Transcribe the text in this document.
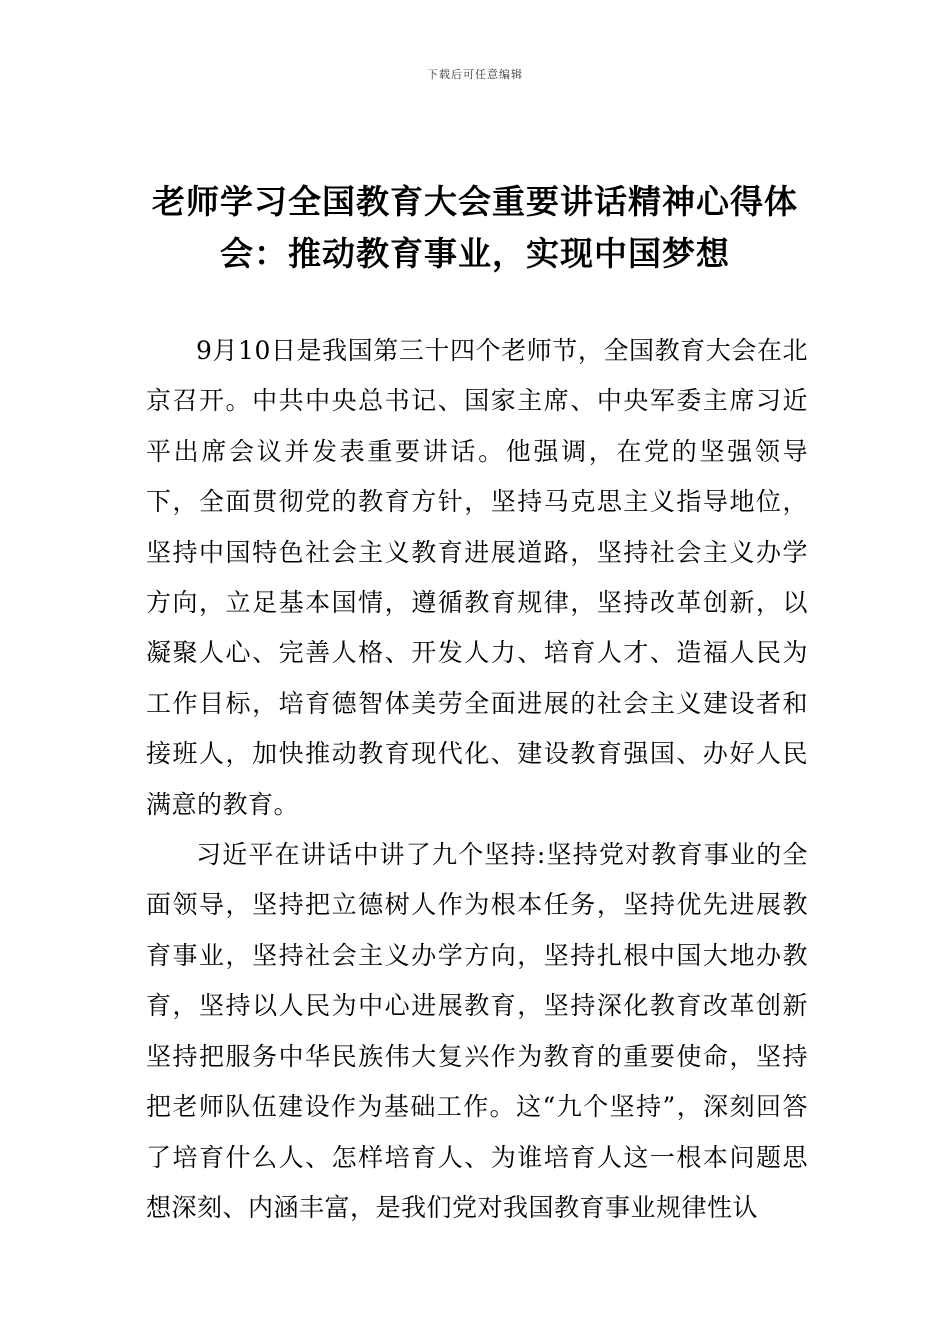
下载后可任意编辑
老师学习全国教育大会重要讲话精神心得体会：推动教育事业，实现中国梦想

9月10日是我国第三十四个老师节，全国教育大会在北京召开。中共中央总书记、国家主席、中央军委主席习近平出席会议并发表重要讲话。他强调，在党的坚强领导下，全面贯彻党的教育方针，坚持马克思主义指导地位，坚持中国特色社会主义教育进展道路，坚持社会主义办学方向，立足基本国情，遵循教育规律，坚持改革创新，以凝聚人心、完善人格、开发人力、培育人才、造福人民为工作目标，培育德智体美劳全面进展的社会主义建设者和接班人，加快推动教育现代化、建设教育强国、办好人民满意的教育。

习近平在讲话中讲了九个坚持:坚持党对教育事业的全面领导，坚持把立德树人作为根本任务，坚持优先进展教育事业，坚持社会主义办学方向，坚持扎根中国大地办教育，坚持以人民为中心进展教育，坚持深化教育改革创新坚持把服务中华民族伟大复兴作为教育的重要使命，坚持把老师队伍建设作为基础工作。这“九个坚持”，深刻回答了培育什么人、怎样培育人、为谁培育人这一根本问题思想深刻、内涵丰富，是我们党对我国教育事业规律性认
